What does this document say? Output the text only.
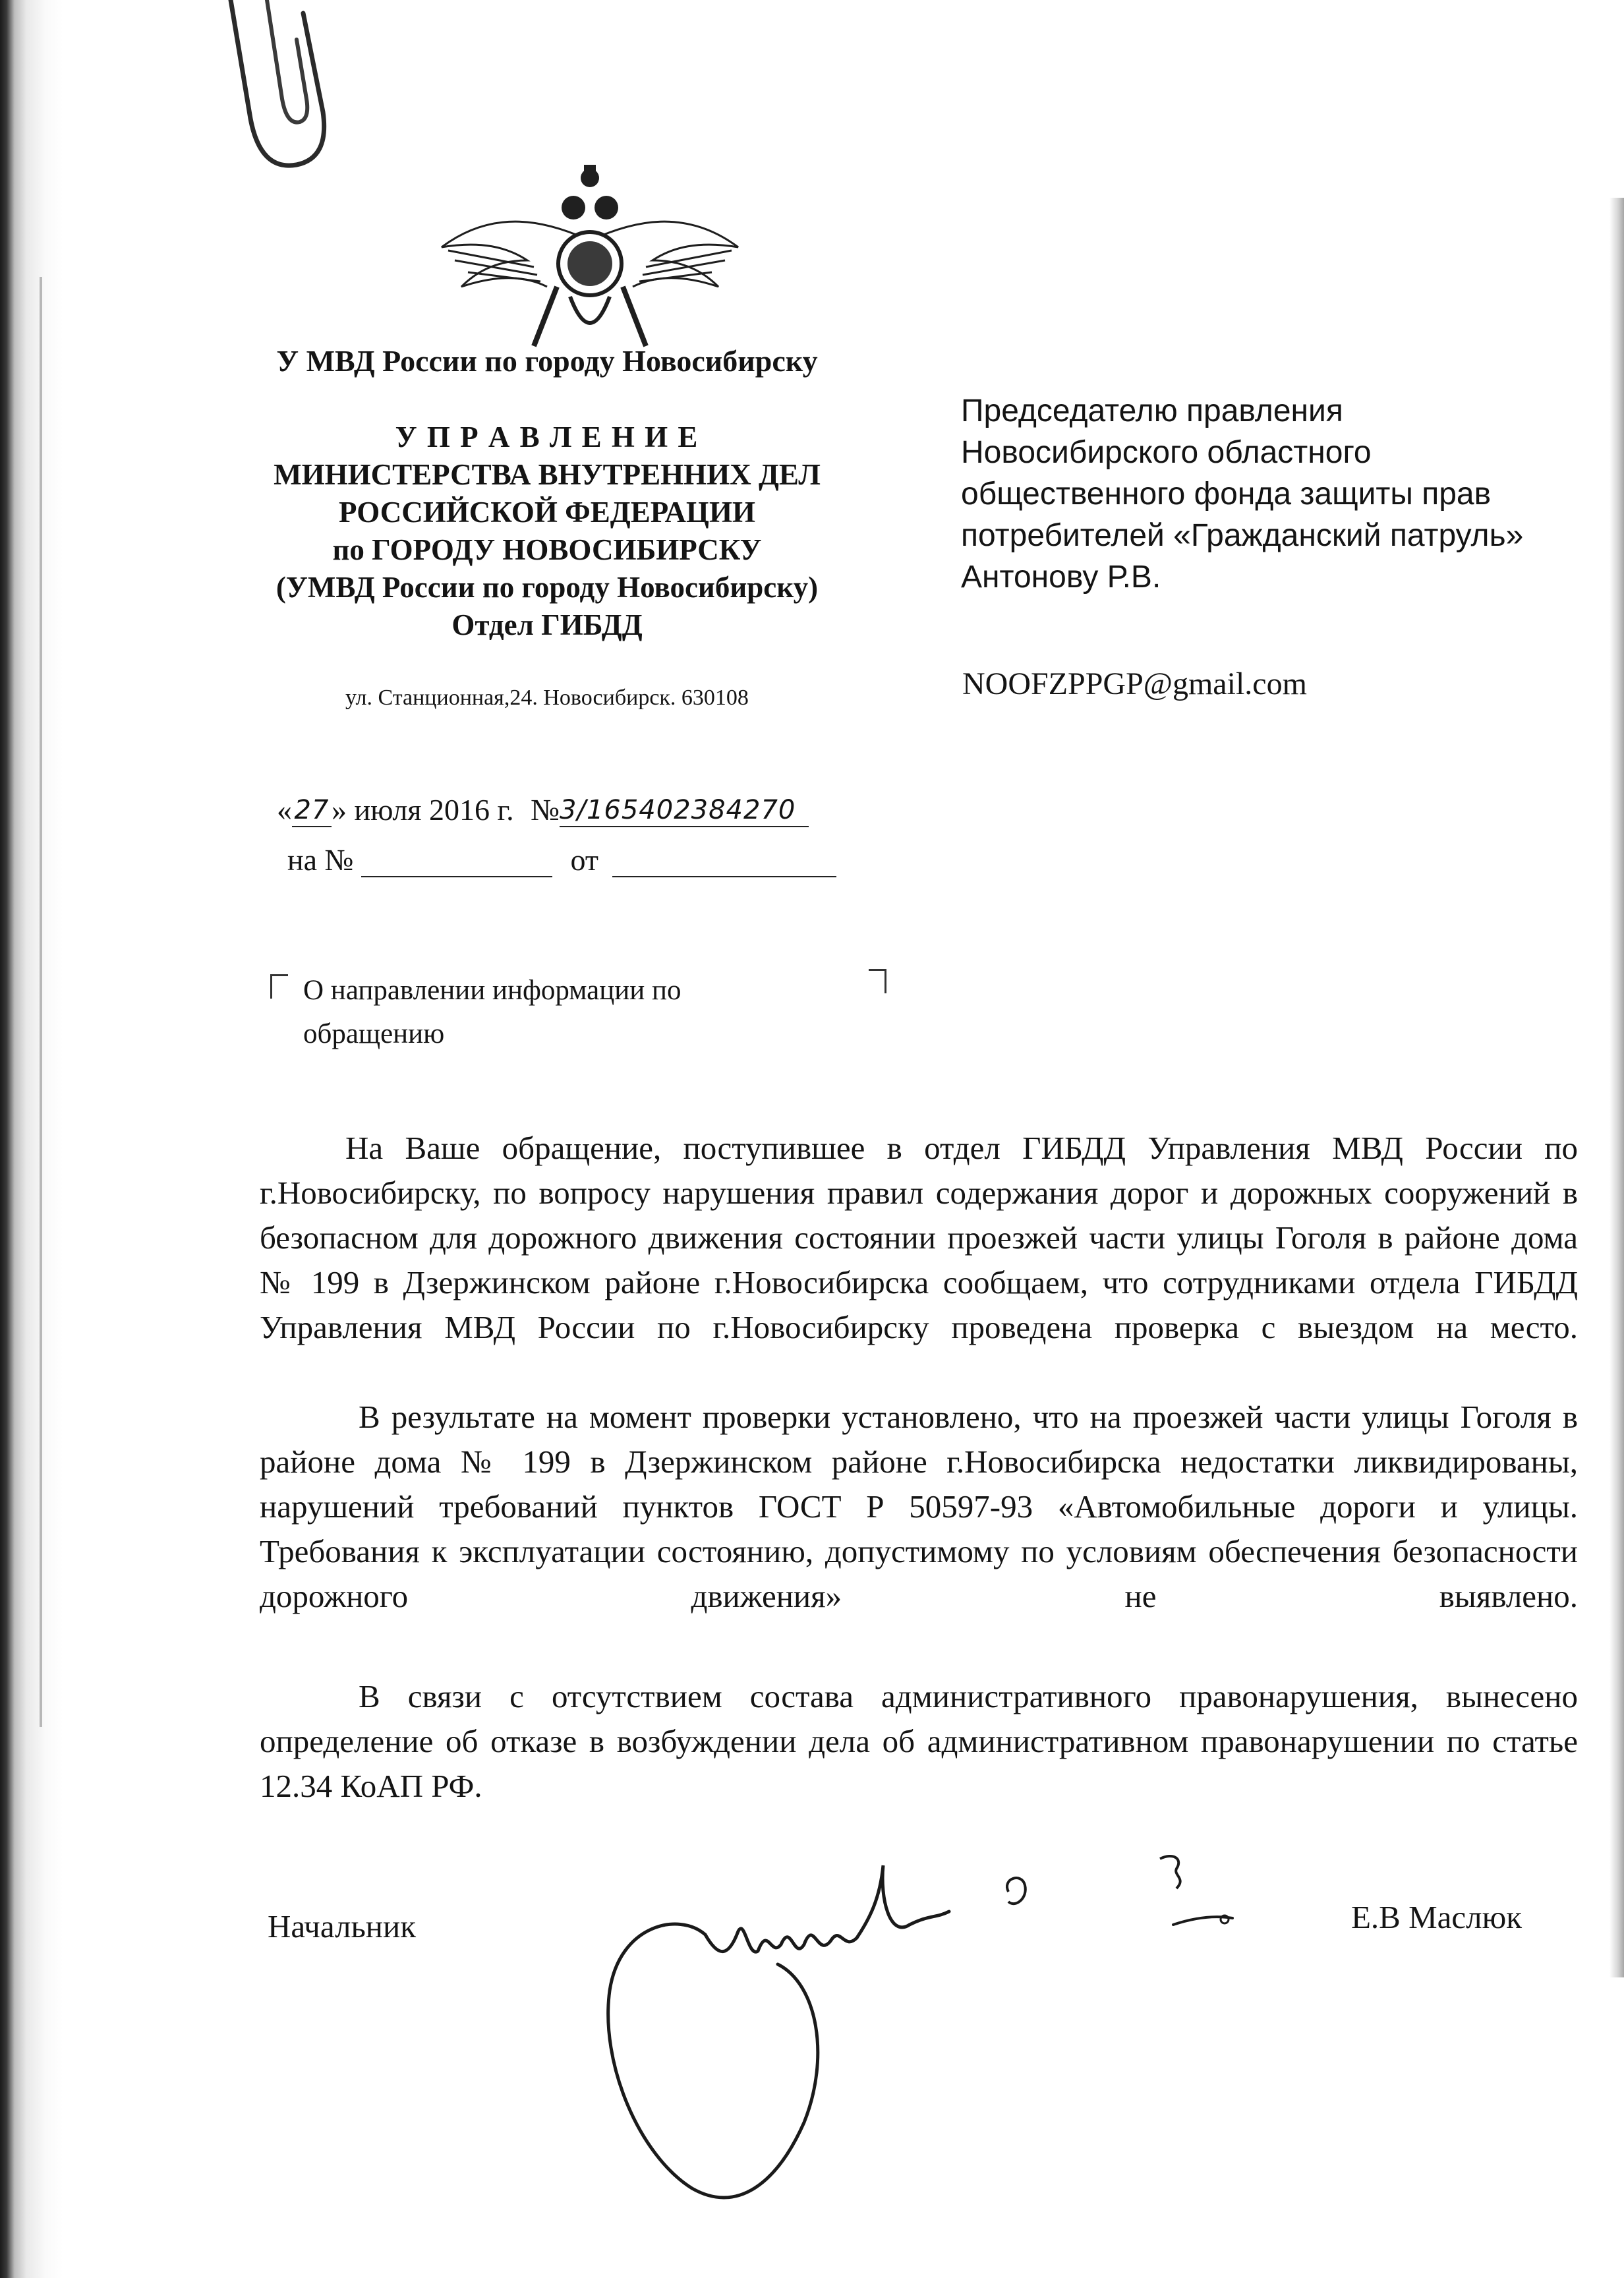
У МВД России по городу Новосибирску
У П Р А В Л Е Н И Е
МИНИСТЕРСТВА ВНУТРЕННИХ ДЕЛ
РОССИЙСКОЙ ФЕДЕРАЦИИ
по ГОРОДУ НОВОСИБИРСКУ
(УМВД России по городу Новосибирску)
Отдел ГИБДД
ул. Станционная,24. Новосибирск. 630108
Председателю правления
Новосибирского областного
общественного фонда защиты прав
потребителей «Гражданский патруль»
Антонову Р.В.
NOOFZPPGP@gmail.com
«27» июля 2016 г. №3/165402384270
на №	от
О направлении информации по обращению
На Ваше обращение, поступившее в отдел ГИБДД Управления МВД России по г.Новосибирску, по вопросу нарушения правил содержания дорог и дорожных сооружений в безопасном для дорожного движения состоянии проезжей части улицы Гоголя в районе дома № 199 в Дзержинском районе г.Новосибирска сообщаем, что сотрудниками отдела ГИБДД Управления МВД России по г.Новосибирску проведена проверка с выездом на место.
В результате на момент проверки установлено, что на проезжей части улицы Гоголя в районе дома № 199 в Дзержинском районе г.Новосибирска недостатки ликвидированы, нарушений требований пунктов ГОСТ Р 50597-93 «Автомобильные дороги и улицы. Требования к эксплуатации состоянию, допустимому по условиям обеспечения безопасности дорожного движения» не выявлено.
В связи с отсутствием состава административного правонарушения, вынесено определение об отказе в возбуждении дела об административном правонарушении по статье 12.34 КоАП РФ.
Начальник	Е.В Маслюк
